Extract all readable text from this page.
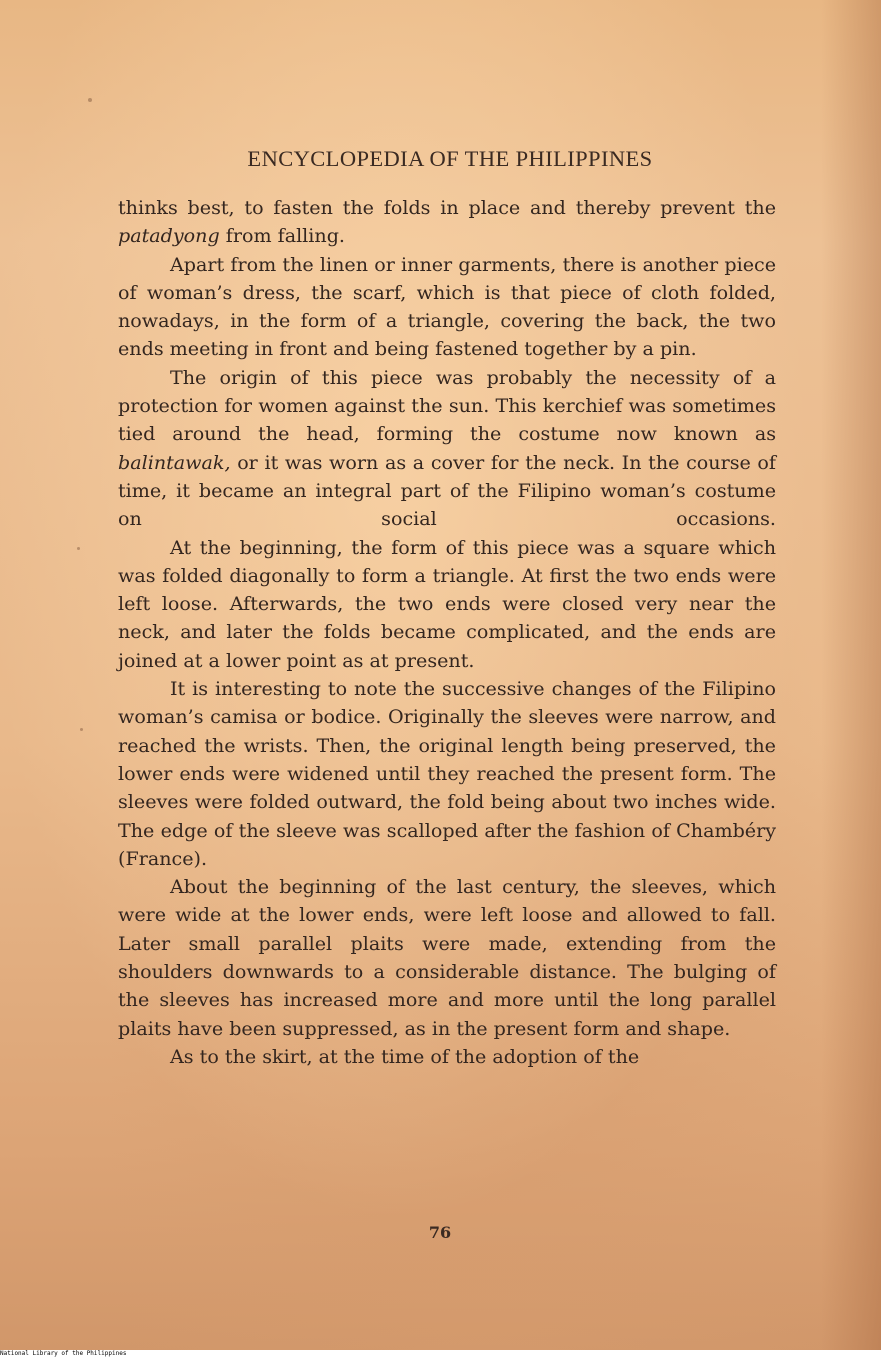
ENCYCLOPEDIA OF THE PHILIPPINES

thinks best, to fasten the folds in place and thereby prevent the patadyong from falling.

Apart from the linen or inner garments, there is another piece of woman’s dress, the scarf, which is that piece of cloth folded, nowadays, in the form of a triangle, covering the back, the two ends meeting in front and being fastened together by a pin.

The origin of this piece was probably the necessity of a protection for women against the sun. This kerchief was sometimes tied around the head, forming the costume now known as balintawak, or it was worn as a cover for the neck. In the course of time, it became an integral part of the Filipino woman’s costume on social occasions.

At the beginning, the form of this piece was a square which was folded diagonally to form a triangle. At first the two ends were left loose. Afterwards, the two ends were closed very near the neck, and later the folds became complicated, and the ends are joined at a lower point as at present.

It is interesting to note the successive changes of the Filipino woman’s camisa or bodice. Originally the sleeves were narrow, and reached the wrists. Then, the original length being preserved, the lower ends were widened until they reached the present form. The sleeves were folded outward, the fold being about two inches wide. The edge of the sleeve was scalloped after the fashion of Chambéry (France).

About the beginning of the last century, the sleeves, which were wide at the lower ends, were left loose and allowed to fall. Later small parallel plaits were made, extending from the shoulders downwards to a considerable distance. The bulging of the sleeves has increased more and more until the long parallel plaits have been suppressed, as in the present form and shape.

As to the skirt, at the time of the adoption of the

76
National Library of the Philippines
